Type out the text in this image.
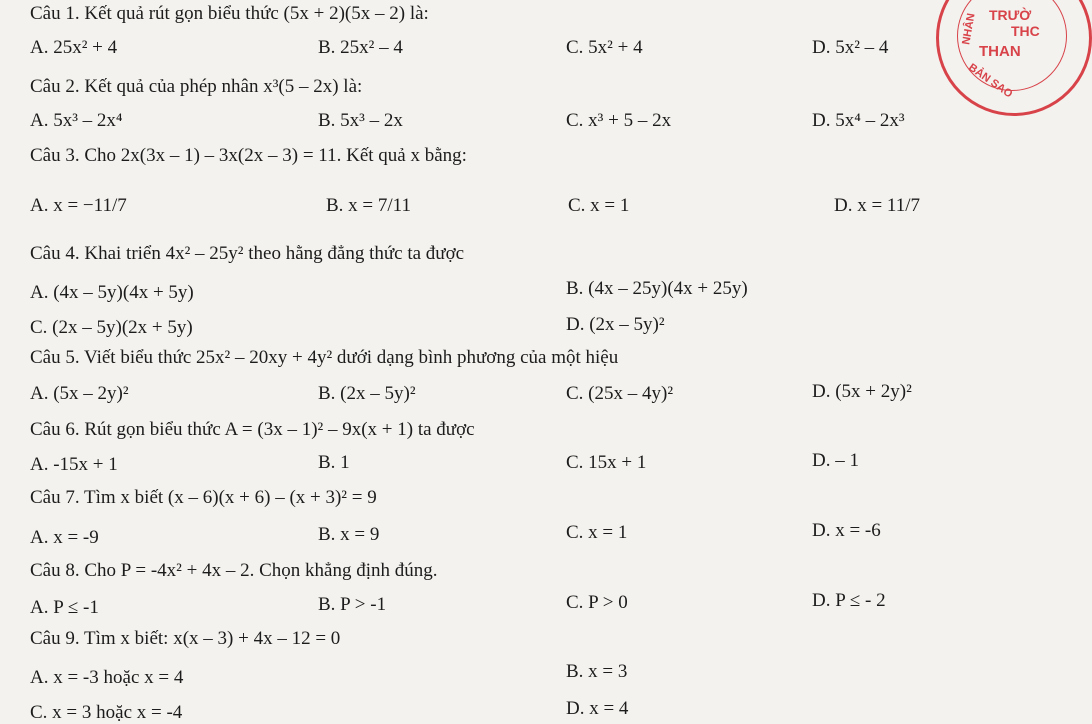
Câu 1. Kết quả rút gọn biểu thức (5x + 2)(5x – 2) là:
A. 25x² + 4	B. 25x² – 4	C. 5x² + 4	D. 5x² – 4
Câu 2. Kết quả của phép nhân x³(5 – 2x) là:
A. 5x³ – 2x⁴	B. 5x³ – 2x	C. x³ + 5 – 2x	D. 5x⁴ – 2x³
Câu 3. Cho 2x(3x – 1) – 3x(2x – 3) = 11. Kết quả x bằng:
A. x = −11/7	B. x = 7/11	C. x = 1	D. x = 11/7
Câu 4. Khai triển 4x² – 25y² theo hằng đẳng thức ta được
A. (4x – 5y)(4x + 5y)	B. (4x – 25y)(4x + 25y)
C. (2x – 5y)(2x + 5y)	D. (2x – 5y)²
Câu 5. Viết biểu thức 25x² – 20xy + 4y² dưới dạng bình phương của một hiệu
A. (5x – 2y)²	B. (2x – 5y)²	C. (25x – 4y)²	D. (5x + 2y)²
Câu 6. Rút gọn biểu thức A = (3x – 1)² – 9x(x + 1) ta được
A. -15x + 1	B. 1	C. 15x + 1	D. – 1
Câu 7. Tìm x biết (x – 6)(x + 6) – (x + 3)² = 9
A. x = -9	B. x = 9	C. x = 1	D. x = -6
Câu 8. Cho P = -4x² + 4x – 2. Chọn khẳng định đúng.
A. P ≤ -1	B. P > -1	C. P > 0	D. P ≤ - 2
Câu 9. Tìm x biết: x(x – 3) + 4x – 12 = 0
A. x = -3 hoặc x = 4	B. x = 3
C. x = 3 hoặc x = -4	D. x = 4
TRƯỜ
THC
THAN
NHÂN
BẢN SAO
